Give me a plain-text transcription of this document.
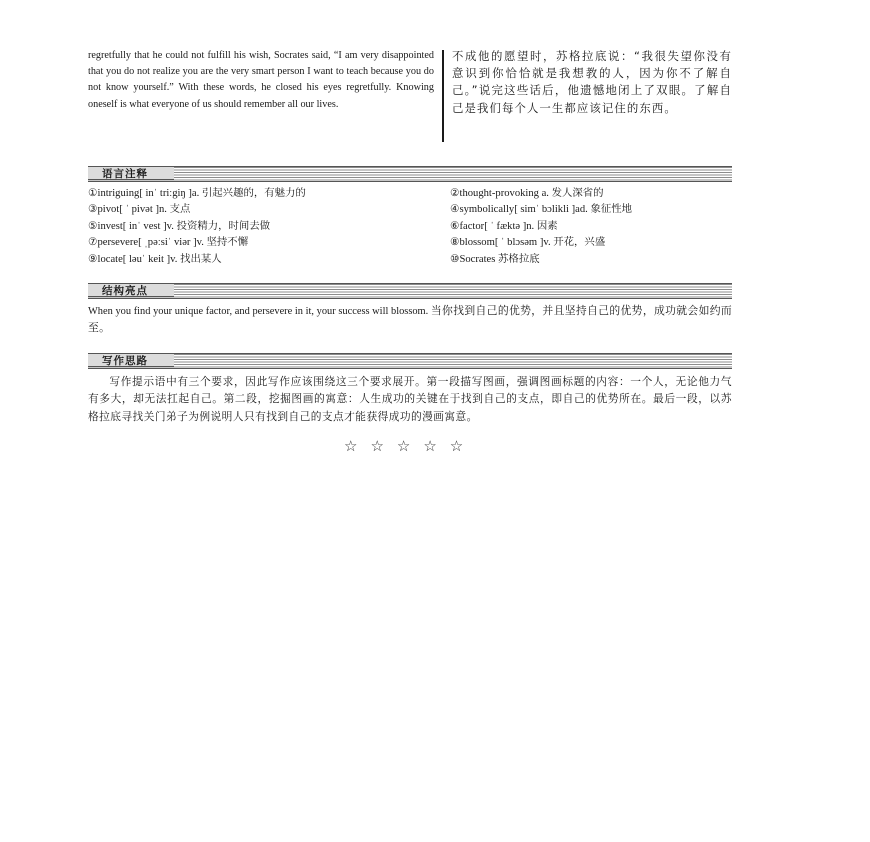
regretfully that he could not fulfill his wish, Socrates said, “I am very disappointed that you do not realize you are the very smart person I want to teach because you do not know yourself.” With these words, he closed his eyes regretfully. Knowing oneself is what everyone of us should remember all our lives.
不成他的愿望时，苏格拉底说：“我很失望你没有意识到你恰恰就是我想教的人，因为你不了解自己。”说完这些话后，他遗憾地闭上了双眼。了解自己是我们每个人一生都应该记住的东西。
语言注释
①intriguing[ inˈ triːgiŋ ]a. 引起兴趣的，有魅力的	②thought-provoking a. 发人深省的
③pivot[ ˈ pivət ]n. 支点	④symbolically[ simˈ bɔlikli ]ad. 象征性地
⑤invest[ inˈ vest ]v. 投资精力，时间去做	⑥factor[ ˈ fæktə ]n. 因素
⑦persevere[ ˌpəːsiˈ viər ]v. 坚持不懈	⑧blossom[ ˈ blɔsəm ]v. 开花，兴盛
⑨locate[ ləuˈ keit ]v. 找出某人	⑩Socrates 苏格拉底
结构亮点
When you find your unique factor, and persevere in it, your success will blossom. 当你找到自己的优势，并且坚持自己的优势，成功就会如约而至。
写作思路
写作提示语中有三个要求，因此写作应该围绕这三个要求展开。第一段描写图画，强调图画标题的内容：一个人，无论他力气有多大，却无法扛起自己。第二段，挖掘图画的寓意：人生成功的关键在于找到自己的支点，即自己的优势所在。最后一段，以苏格拉底寻找关门弟子为例说明人只有找到自己的支点才能获得成功的漫画寓意。
☆☆☆☆☆
